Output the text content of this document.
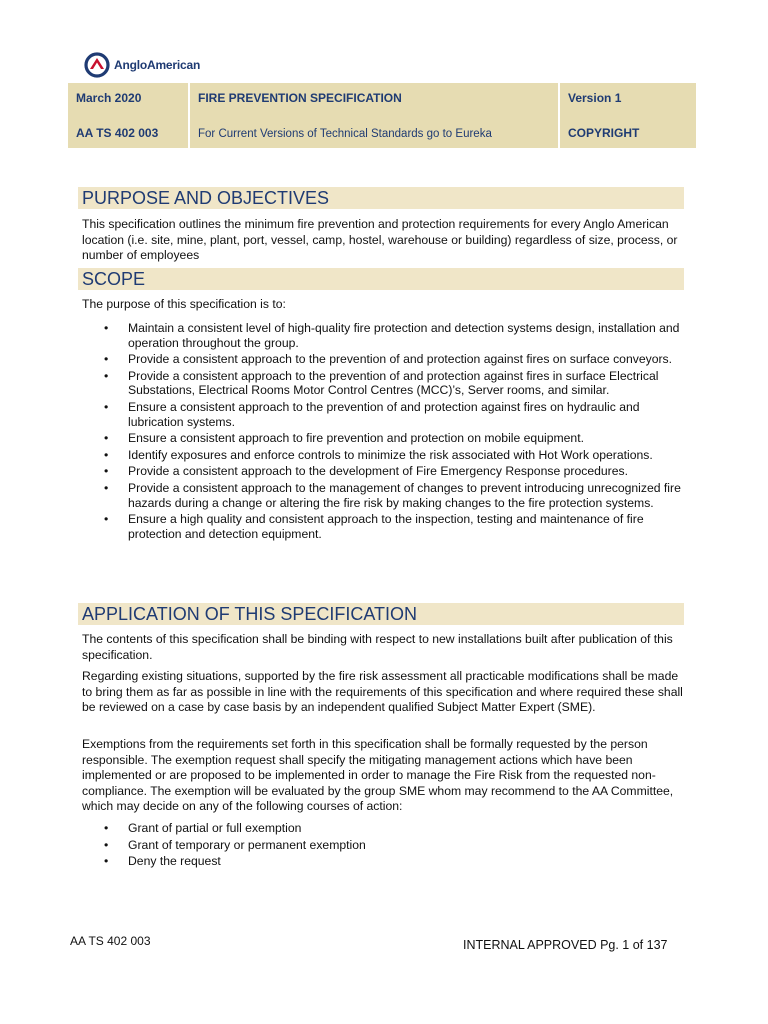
AngloAmerican
March 2020
AA TS 402 003
FIRE PREVENTION SPECIFICATION
For Current Versions of Technical Standards go to Eureka
Version 1
COPYRIGHT
PURPOSE AND OBJECTIVES

This specification outlines the minimum fire prevention and protection requirements for every Anglo American location (i.e. site, mine, plant, port, vessel, camp, hostel, warehouse or building) regardless of size, process, or number of employees

SCOPE

The purpose of this specification is to:

• Maintain a consistent level of high-quality fire protection and detection systems design, installation and operation throughout the group.
• Provide a consistent approach to the prevention of and protection against fires on surface conveyors.
• Provide a consistent approach to the prevention of and protection against fires in surface Electrical Substations, Electrical Rooms Motor Control Centres (MCC)’s, Server rooms, and similar.
• Ensure a consistent approach to the prevention of and protection against fires on hydraulic and lubrication systems.
• Ensure a consistent approach to fire prevention and protection on mobile equipment.
• Identify exposures and enforce controls to minimize the risk associated with Hot Work operations.
• Provide a consistent approach to the development of Fire Emergency Response procedures.
• Provide a consistent approach to the management of changes to prevent introducing unrecognized fire hazards during a change or altering the fire risk by making changes to the fire protection systems.
• Ensure a high quality and consistent approach to the inspection, testing and maintenance of fire protection and detection equipment.
APPLICATION OF THIS SPECIFICATION

The contents of this specification shall be binding with respect to new installations built after publication of this specification.

Regarding existing situations, supported by the fire risk assessment all practicable modifications shall be made to bring them as far as possible in line with the requirements of this specification and where required these shall be reviewed on a case by case basis by an independent qualified Subject Matter Expert (SME).

Exemptions from the requirements set forth in this specification shall be formally requested by the person responsible. The exemption request shall specify the mitigating management actions which have been implemented or are proposed to be implemented in order to manage the Fire Risk from the requested non-compliance. The exemption will be evaluated by the group SME whom may recommend to the AA Committee, which may decide on any of the following courses of action:

• Grant of partial or full exemption
• Grant of temporary or permanent exemption
• Deny the request
AA TS 402 003	INTERNAL APPROVED Pg. 1 of 137
